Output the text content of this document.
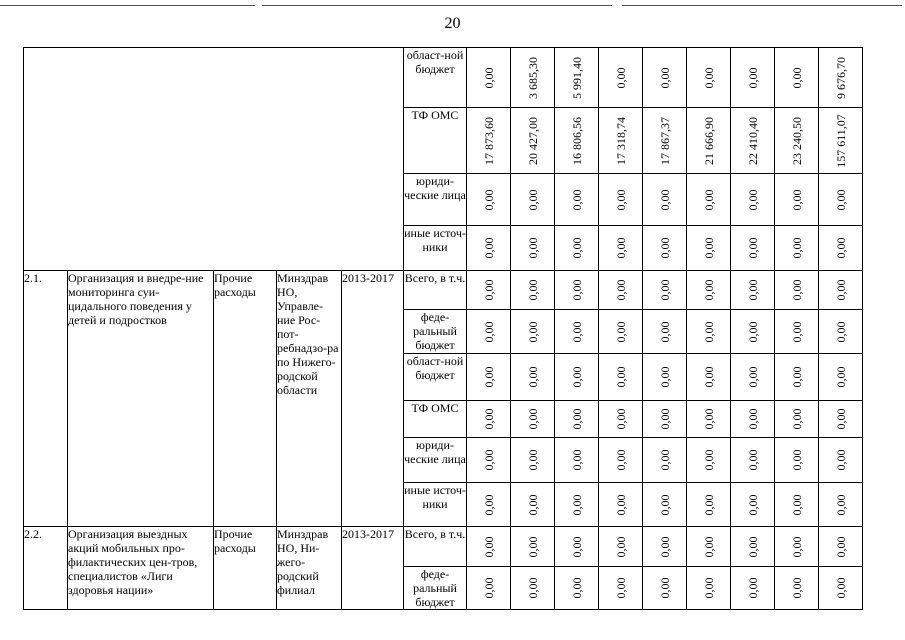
20
					област-ной бюджет	0,00	3 685,30	5 991,40	0,00	0,00	0,00	0,00	0,00	9 676,70

					ТФ ОМС	17 873,60	20 427,00	16 806,56	17 318,74	17 867,37	21 666,90	22 410,40	23 240,50	157 611,07

					юриди-ческие лица	0,00	0,00	0,00	0,00	0,00	0,00	0,00	0,00	0,00

					иные источ-ники	0,00	0,00	0,00	0,00	0,00	0,00	0,00	0,00	0,00

2.1.	Организация и внедре-ние мониторинга суи-цидального поведения у детей и подростков	Прочие расходы	Минздрав НО, Управле-ние Рос-пот-ребнадзо-ра по Нижего-родской области	2013-2017	Всего, в т.ч.	0,00	0,00	0,00	0,00	0,00	0,00	0,00	0,00	0,00

					феде-ральный бюджет	0,00	0,00	0,00	0,00	0,00	0,00	0,00	0,00	0,00

					област-ной бюджет	0,00	0,00	0,00	0,00	0,00	0,00	0,00	0,00	0,00

					ТФ ОМС	0,00	0,00	0,00	0,00	0,00	0,00	0,00	0,00	0,00

					юриди-ческие лица	0,00	0,00	0,00	0,00	0,00	0,00	0,00	0,00	0,00

					иные источ-ники	0,00	0,00	0,00	0,00	0,00	0,00	0,00	0,00	0,00

2.2.	Организация выездных акций мобильных про-филактических цен-тров, специалистов «Лиги здоровья нации»	Прочие расходы	Минздрав НО, Ни-жего-родский филиал	2013-2017	Всего, в т.ч.	0,00	0,00	0,00	0,00	0,00	0,00	0,00	0,00	0,00

					феде-ральный бюджет	0,00	0,00	0,00	0,00	0,00	0,00	0,00	0,00	0,00
